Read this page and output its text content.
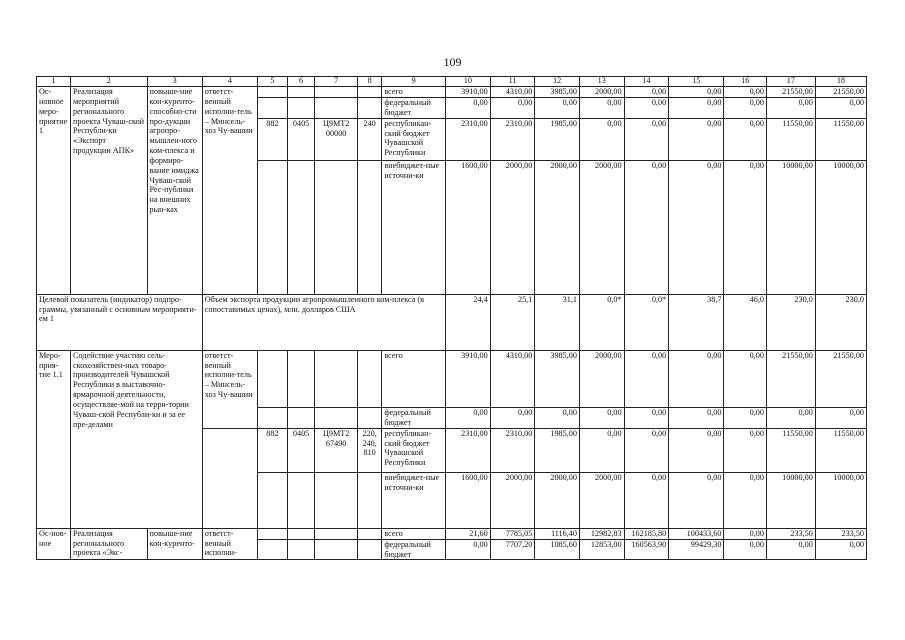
109
1	2	3	4	5	6	7	8	9	10	11	12	13	14	15	16	17	18
Ос-новное меро-приятие 1	Реализация мероприятий регионального проекта Чуваш-ской Республи-ки «Экспорт продукции АПК»	повыше-ние кон-куренто-способно-сти про-дукции агропро-мышлен-ного ком-плекса и формиро-вание имиджа Чуваш-ской Рес-публики на внешних рын-ках	ответст-венный исполни-тель – Минсель-хоз Чу-вашии					всего	3910,00	4310,00	3985,00	2000,00	0,00	0,00	0,00	21550,00	21550,00
								федеральный бюджет	0,00	0,00	0,00	0,00	0,00	0,00	0,00	0,00	0,00
				882	0405	Ц9МТ2 00000	240	республикан-ский бюджет Чувашской Республики	2310,00	2310,00	1985,00	0,00	0,00	0,00	0,00	11550,00	11550,00
								внебюджет-ные источни-ки	1600,00	2000,00	2000,00	2000,00	0,00	0,00	0,00	10000,00	10000,00
Целевой показатель (индикатор) подпро-граммы, увязанный с основным мероприяти-ем 1			Объем экспорта продукции агропромышленного ком-плекса (в сопоставимых ценах), млн. долларов США						24,4	25,1	31,1	0,0*	0,0*	38,7	46,0	230,0	230,0
Меро-прия-тие 1.1	Содействие участию сель-скохозяйствен-ных товаро-производителей Чувашской Республики в выставочно-ярмарочной деятельности, осуществляе-мой на терри-тории Чуваш-ской Республи-ки и за ее пре-делами		ответст-венный исполни-тель – Минсель-хоз Чу-вашии					всего	3910,00	4310,00	3985,00	2000,00	0,00	0,00	0,00	21550,00	21550,00
								федеральный бюджет	0,00	0,00	0,00	0,00	0,00	0,00	0,00	0,00	0,00
				882	0405	Ц9МТ2 67490	220, 240, 810	республикан-ский бюджет Чувашской Республики	2310,00	2310,00	1985,00	0,00	0,00	0,00	0,00	11550,00	11550,00
								внебюджет-ные источни-ки	1600,00	2000,00	2000,00	2000,00	0,00	0,00	0,00	10000,00	10000,00
Ос-нов-ное	Реализация регионального проекта «Экс-	повыше-ние кон-куренто-	ответст-венный исполни-					всего	21,60	7785,05	1116,40	12982,83	162185,80	100433,60	0,00	233,50	233,50
								федеральный бюджет	0,00	7707,20	1085,60	12853,00	160563,90	99429,30	0,00	0,00	0,00
